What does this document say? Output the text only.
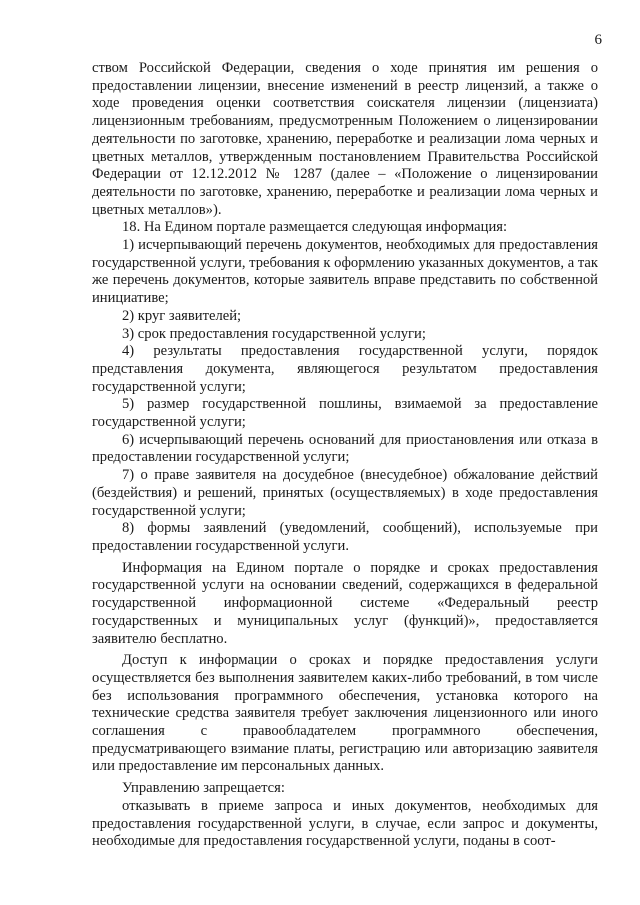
6

ством Российской Федерации, сведения о ходе принятия им решения о предоставлении лицензии, внесение изменений в реестр лицензий, а также о ходе проведения оценки соответствия соискателя лицензии (лицензиата) лицензионным требованиям, предусмотренным Положением о лицензировании деятельности по заготовке, хранению, переработке и реализации лома черных и цветных металлов, утвержденным постановлением Правительства Российской Федерации от 12.12.2012 № 1287 (далее – «Положение о лицензировании деятельности по заготовке, хранению, переработке и реализации лома черных и цветных металлов»).

18. На Едином портале размещается следующая информация:

1) исчерпывающий перечень документов, необходимых для предоставления государственной услуги, требования к оформлению указанных документов, а так же перечень документов, которые заявитель вправе представить по собственной инициативе;

2) круг заявителей;

3) срок предоставления государственной услуги;

4) результаты предоставления государственной услуги, порядок представления документа, являющегося результатом предоставления государственной услуги;

5) размер государственной пошлины, взимаемой за предоставление государственной услуги;

6) исчерпывающий перечень оснований для приостановления или отказа в предоставлении государственной услуги;

7) о праве заявителя на досудебное (внесудебное) обжалование действий (бездействия) и решений, принятых (осуществляемых) в ходе предоставления государственной услуги;

8) формы заявлений (уведомлений, сообщений), используемые при предоставлении государственной услуги.

Информация на Едином портале о порядке и сроках предоставления государственной услуги на основании сведений, содержащихся в федеральной государственной информационной системе «Федеральный реестр государственных и муниципальных услуг (функций)», предоставляется заявителю бесплатно.

Доступ к информации о сроках и порядке предоставления услуги осуществляется без выполнения заявителем каких-либо требований, в том числе без использования программного обеспечения, установка которого на технические средства заявителя требует заключения лицензионного или иного соглашения с правообладателем программного обеспечения, предусматривающего взимание платы, регистрацию или авторизацию заявителя или предоставление им персональных данных.

Управлению запрещается:

отказывать в приеме запроса и иных документов, необходимых для предоставления государственной услуги, в случае, если запрос и документы, необходимые для предоставления государственной услуги, поданы в соот-
